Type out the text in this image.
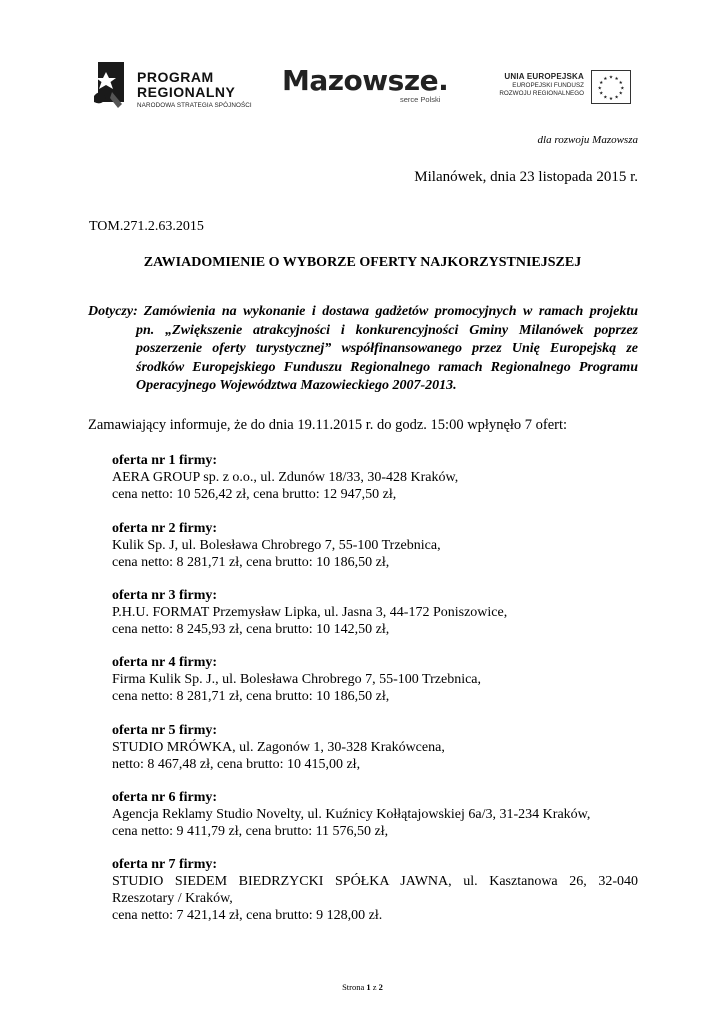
PROGRAM
REGIONALNY
NARODOWA STRATEGIA SPÓJNOŚCI
Mazowsze.
serce Polski
UNIA EUROPEJSKA
EUROPEJSKI FUNDUSZ
ROZWOJU REGIONALNEGO
★ ★
★
★
★
★
★
★
★
★
★
★
dla rozwoju Mazowsza
Milanówek, dnia 23 listopada 2015 r.
TOM.271.2.63.2015
ZAWIADOMIENIE O WYBORZE OFERTY NAJKORZYSTNIEJSZEJ
Dotyczy: Zamówienia na wykonanie i dostawa gadżetów promocyjnych w ramach projektu
pn. „Zwiększenie atrakcyjności i konkurencyjności Gminy Milanówek poprzez
poszerzenie oferty turystycznej” współfinansowanego przez Unię Europejską ze
środków Europejskiego Funduszu Regionalnego ramach Regionalnego Programu
Operacyjnego Województwa Mazowieckiego 2007-2013.
Zamawiający informuje, że do dnia 19.11.2015 r. do godz. 15:00 wpłynęło 7 ofert:
oferta nr 1 firmy:
AERA GROUP sp. z o.o., ul. Zdunów 18/33, 30-428 Kraków,
cena netto: 10 526,42 zł, cena brutto: 12 947,50 zł,
oferta nr 2 firmy:
Kulik Sp. J, ul. Bolesława Chrobrego 7, 55-100 Trzebnica,
cena netto: 8 281,71 zł, cena brutto: 10 186,50 zł,
oferta nr 3 firmy:
P.H.U. FORMAT Przemysław Lipka, ul. Jasna 3, 44-172 Poniszowice,
cena netto: 8 245,93 zł, cena brutto: 10 142,50 zł,
oferta nr 4 firmy:
Firma Kulik Sp. J., ul. Bolesława Chrobrego 7, 55-100 Trzebnica,
cena netto: 8 281,71 zł, cena brutto: 10 186,50 zł,
oferta nr 5 firmy:
STUDIO MRÓWKA, ul. Zagonów 1, 30-328 Krakówcena,
netto: 8 467,48 zł, cena brutto: 10 415,00 zł,
oferta nr 6 firmy:
Agencja Reklamy Studio Novelty, ul. Kuźnicy Kołłątajowskiej 6a/3, 31-234 Kraków,
cena netto: 9 411,79 zł, cena brutto: 11 576,50 zł,
oferta nr 7 firmy:
STUDIO SIEDEM BIEDRZYCKI SPÓŁKA JAWNA, ul. Kasztanowa 26, 32-040
Rzeszotary / Kraków,
cena netto: 7 421,14 zł, cena brutto: 9 128,00 zł.
Strona 1 z 2
